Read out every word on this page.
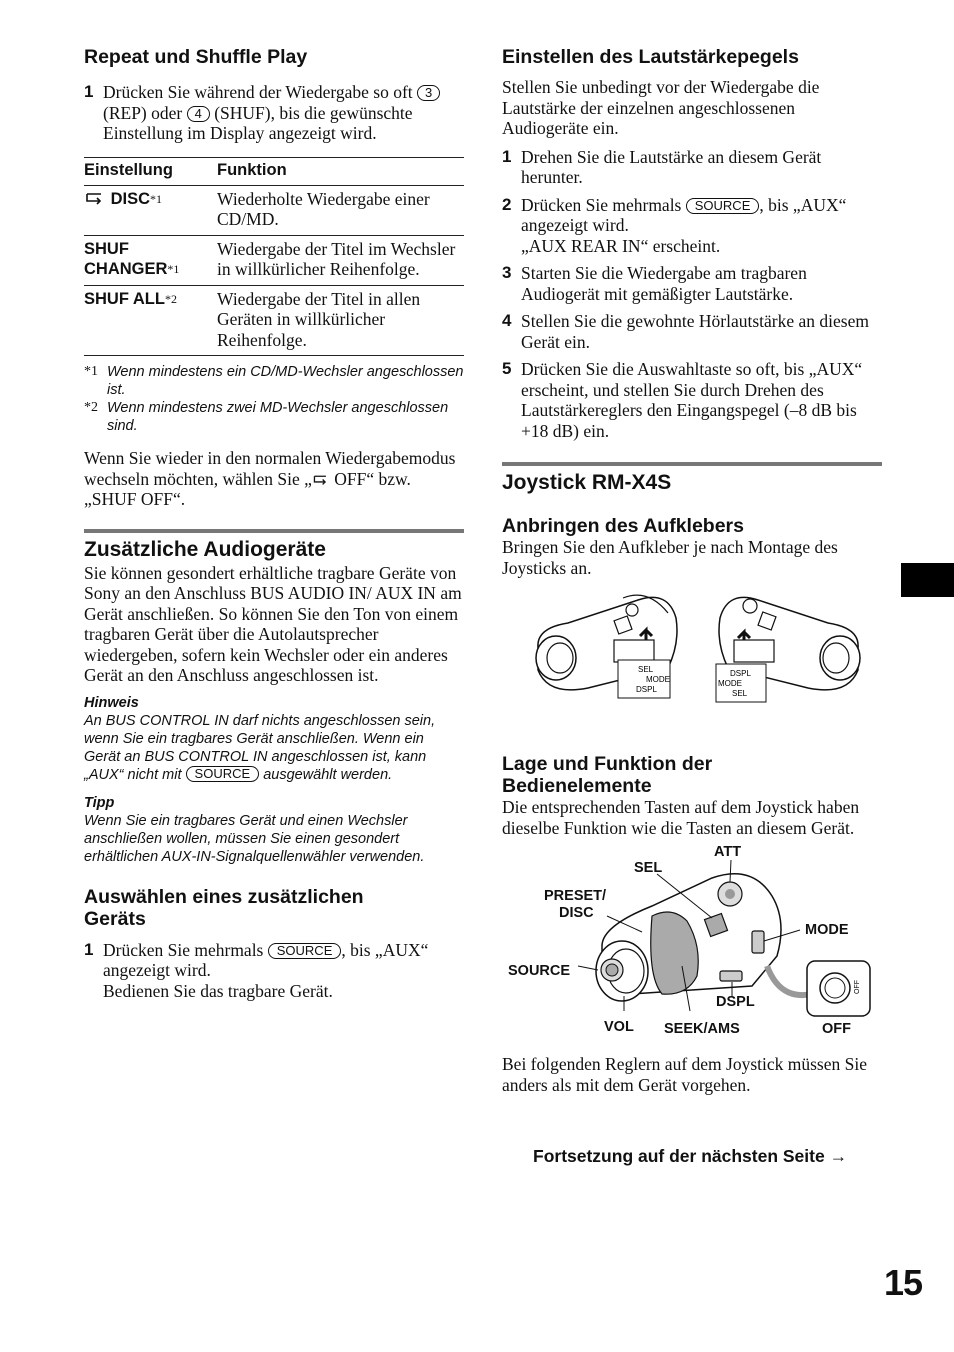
Repeat und Shuffle Play
1 Drücken Sie während der Wiedergabe so oft 3 (REP) oder 4 (SHUF), bis die gewünschte Einstellung im Display angezeigt wird.
Einstellung	Funktion
DISC$^{*1}$	Wiederholte Wiedergabe einer CD/MD.
SHUF CHANGER$^{*1}$	Wiedergabe der Titel im Wechsler in willkürlicher Reihenfolge.
SHUF ALL$^{*2}$	Wiedergabe der Titel in allen Geräten in willkürlicher Reihenfolge.
*1 Wenn mindestens ein CD/MD-Wechsler angeschlossen ist.
*2 Wenn mindestens zwei MD-Wechsler angeschlossen sind.
Wenn Sie wieder in den normalen Wiedergabemodus wechseln möchten, wählen Sie „ OFF“ bzw. „SHUF OFF“.
Zusätzliche Audiogeräte
Sie können gesondert erhältliche tragbare Geräte von Sony an den Anschluss BUS AUDIO IN/ AUX IN am Gerät anschließen. So können Sie den Ton von einem tragbaren Gerät über die Autolautsprecher wiedergeben, sofern kein Wechsler oder ein anderes Gerät an den Anschluss angeschlossen ist.
Hinweis
An BUS CONTROL IN darf nichts angeschlossen sein, wenn Sie ein tragbares Gerät anschließen. Wenn ein Gerät an BUS CONTROL IN angeschlossen ist, kann „AUX“ nicht mit SOURCE ausgewählt werden.
Tipp
Wenn Sie ein tragbares Gerät und einen Wechsler anschließen wollen, müssen Sie einen gesondert erhältlichen AUX-IN-Signalquellenwähler verwenden.
Auswählen eines zusätzlichen Geräts
1 Drücken Sie mehrmals SOURCE , bis „AUX“ angezeigt wird.
Bedienen Sie das tragbare Gerät.
Einstellen des Lautstärkepegels
Stellen Sie unbedingt vor der Wiedergabe die Lautstärke der einzelnen angeschlossenen Audiogeräte ein.
1 Drehen Sie die Lautstärke an diesem Gerät herunter.
2 Drücken Sie mehrmals SOURCE , bis „AUX“ angezeigt wird.
„AUX REAR IN“ erscheint.
3 Starten Sie die Wiedergabe am tragbaren Audiogerät mit gemäßigter Lautstärke.
4 Stellen Sie die gewohnte Hörlautstärke an diesem Gerät ein.
5 Drücken Sie die Auswahltaste so oft, bis „AUX“ erscheint, und stellen Sie durch Drehen des Lautstärkereglers den Eingangspegel (–8 dB bis +18 dB) ein.
Joystick RM-X4S
Anbringen des Aufklebers
Bringen Sie den Aufkleber je nach Montage des Joysticks an.
SEL
MODE
DSPL
DSPL
MODE
SEL
Lage und Funktion der Bedienelemente
Die entsprechenden Tasten auf dem Joystick haben dieselbe Funktion wie die Tasten an diesem Gerät.
OFF
ATT
SEL
PRESET/
DISC
MODE
SOURCE
DSPL
VOL SEEK/AMS	OFF
Bei folgenden Reglern auf dem Joystick müssen Sie anders als mit dem Gerät vorgehen.
Fortsetzung auf der nächsten Seite →
15
